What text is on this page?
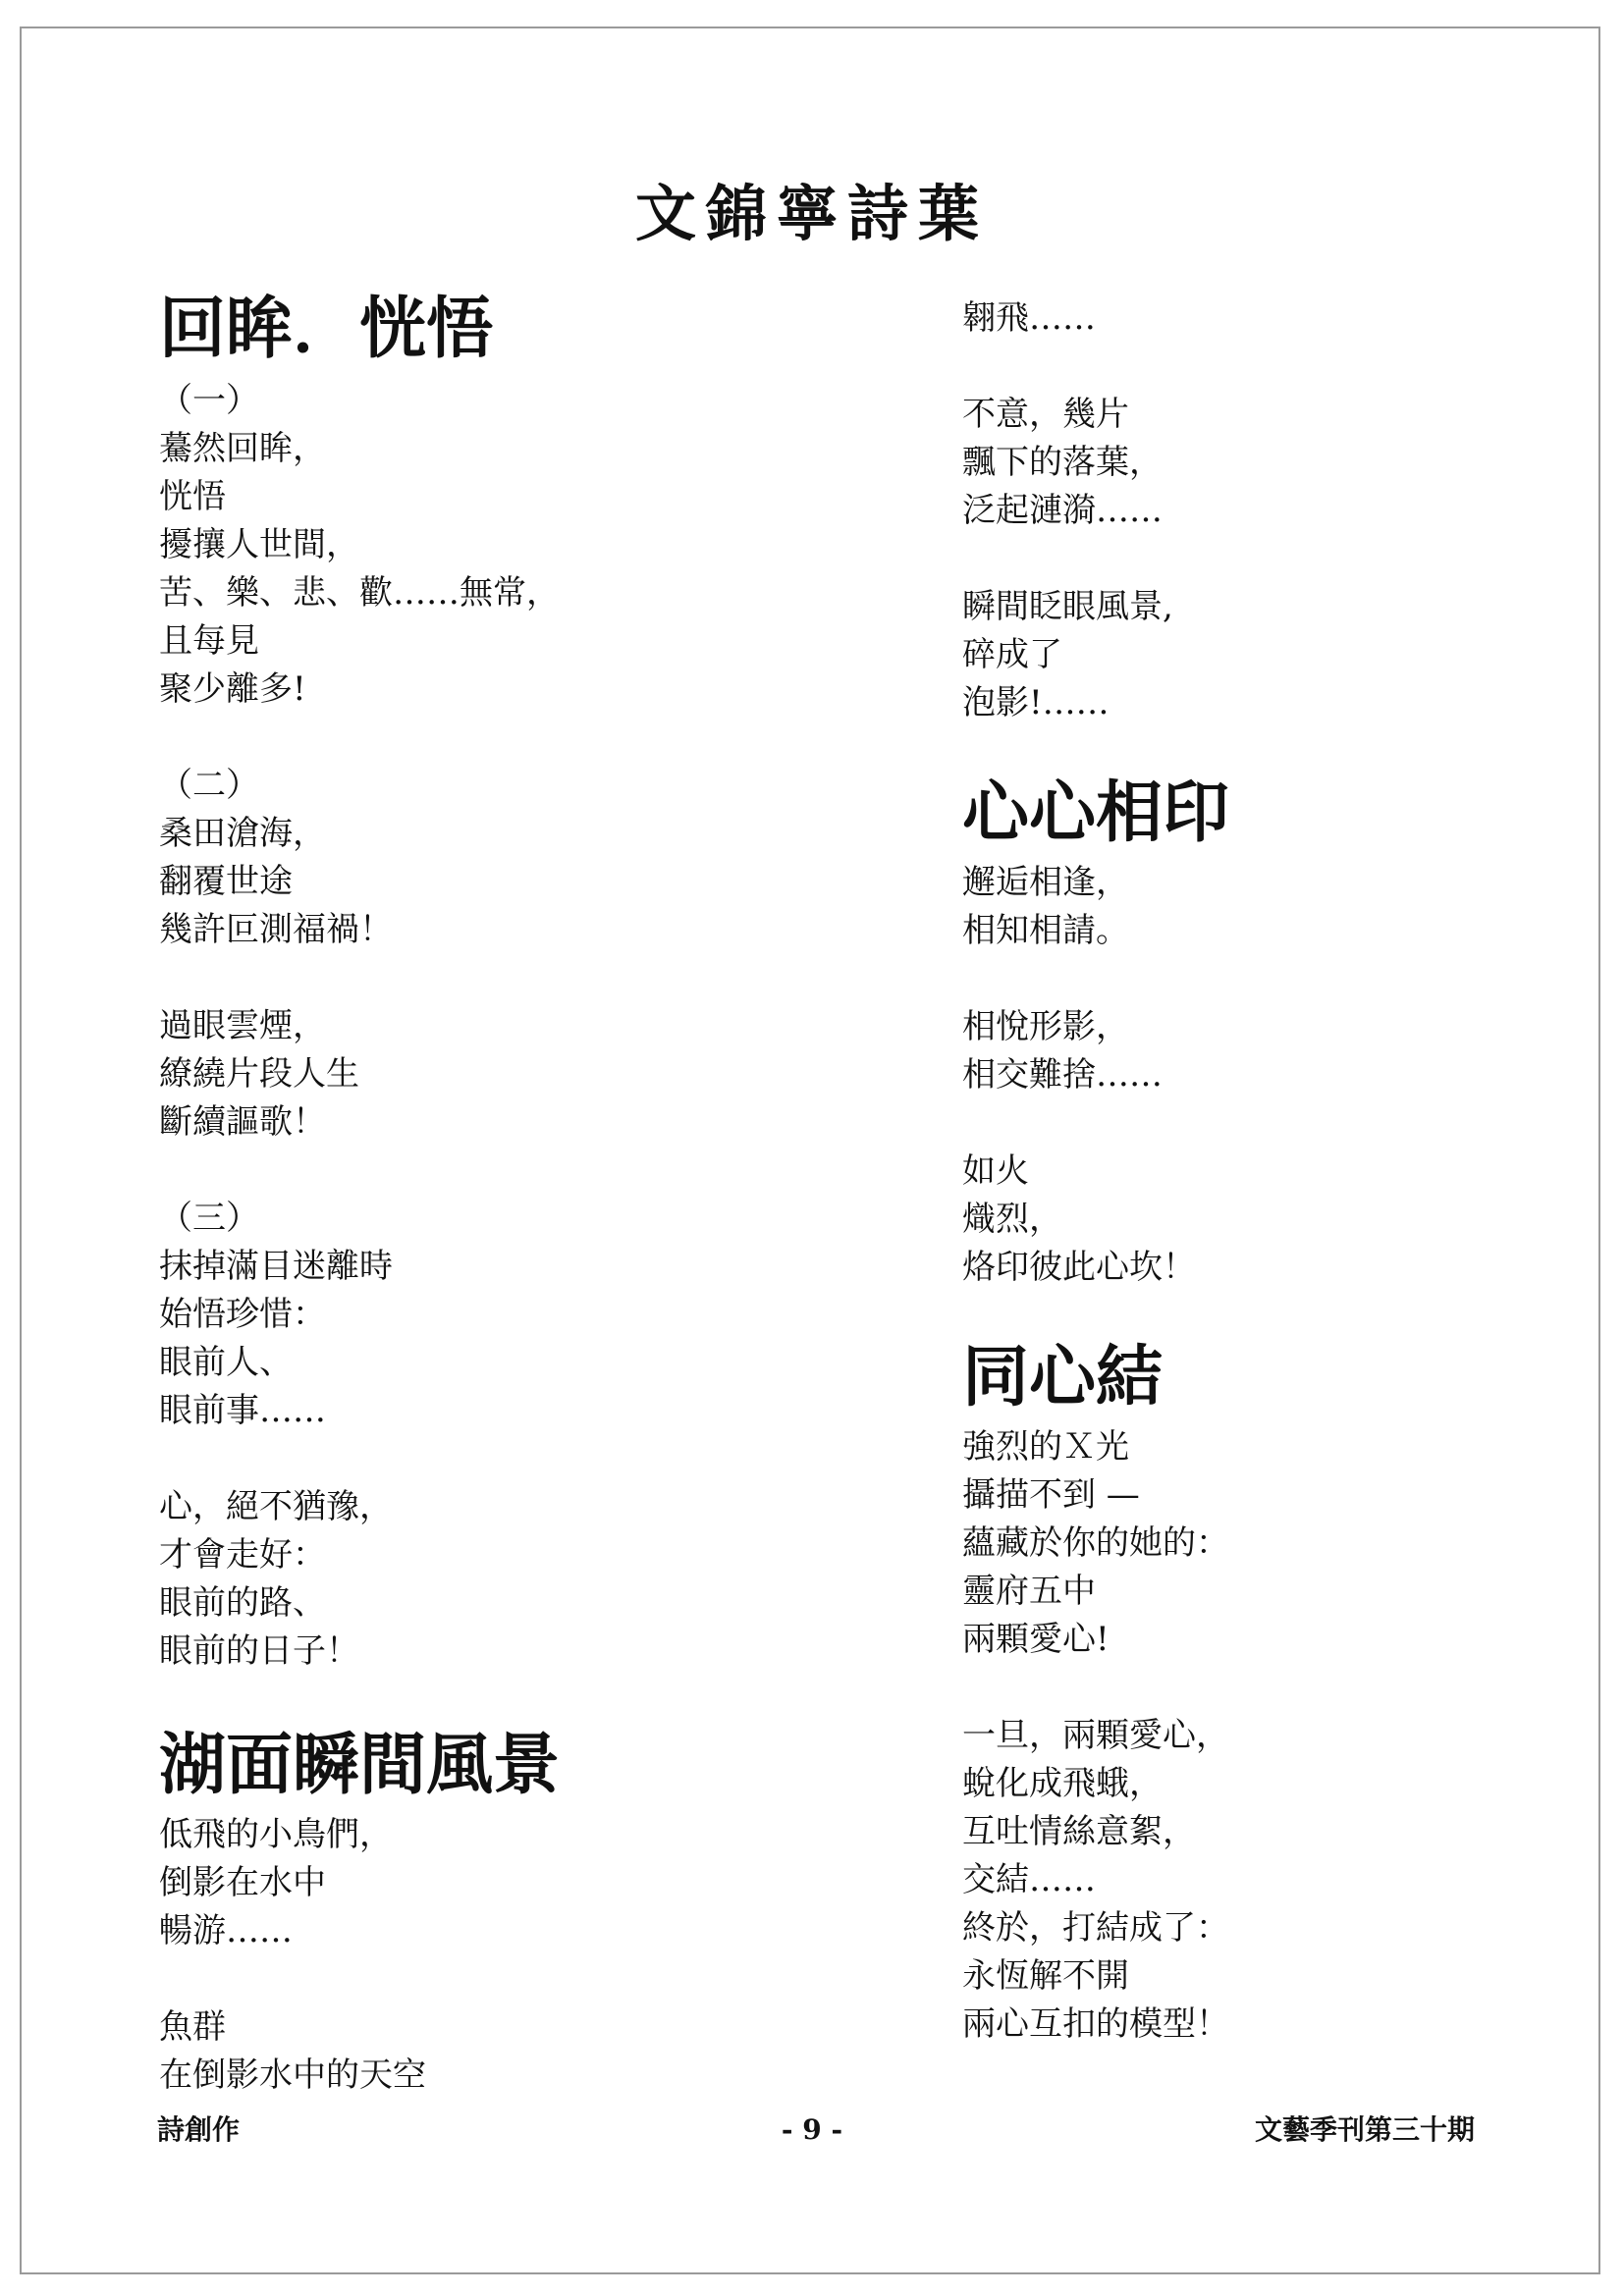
文錦寧詩葉
回眸．恍悟
（一）
驀然回眸，
恍悟
擾攘人世間，
苦、樂、悲、歡……無常，
且每見
聚少離多!
（二）
桑田滄海，
翻覆世途
幾許叵測福禍！
過眼雲煙，
繚繞片段人生
斷續謳歌！
（三）
抹掉滿目迷離時
始悟珍惜：
眼前人、
眼前事……
心，絕不猶豫，
才會走好：
眼前的路、
眼前的日子！
湖面瞬間風景
低飛的小鳥們，
倒影在水中
暢游……
魚群
在倒影水中的天空
翱飛……
不意，幾片
飄下的落葉，
泛起漣漪……
瞬間眨眼風景,
碎成了
泡影!……
心心相印
邂逅相逢，
相知相請。
相悅形影，
相交難捨……
如火
熾烈，
烙印彼此心坎！
同心結
強烈的Ｘ光
攝描不到 —
蘊藏於你的她的：
靈府五中
兩顆愛心!
一旦，兩顆愛心，
蛻化成飛蛾，
互吐情絲意絮，
交結……
終於，打結成了：
永恆解不開
兩心互扣的模型！
詩創作	- 9 -	文藝季刊第三十期
